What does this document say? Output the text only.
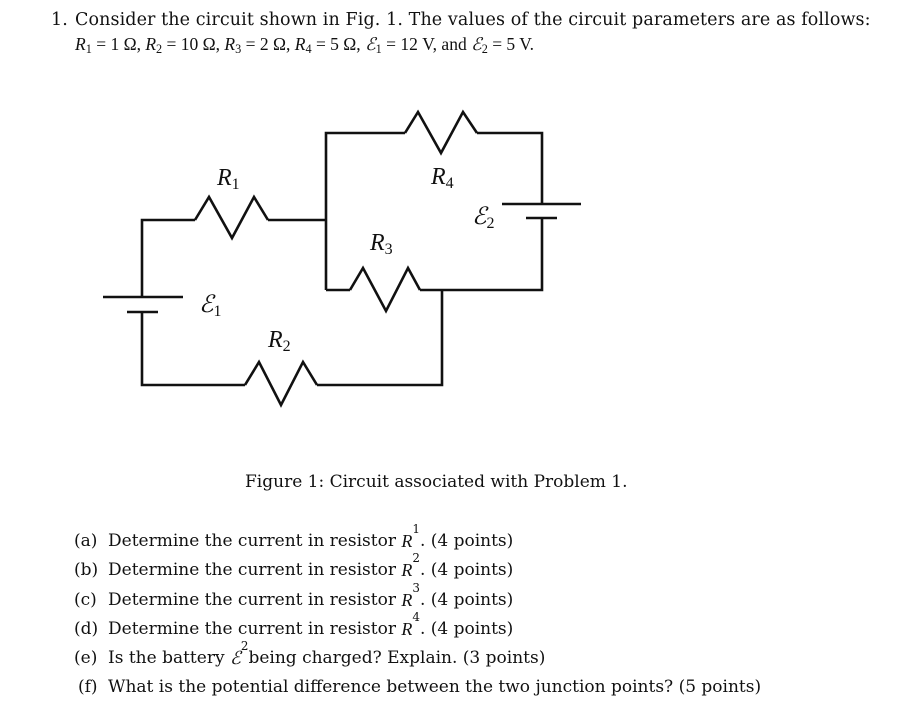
1. Consider the circuit shown in Fig. 1. The values of the circuit parameters are as follows:
$R_1 = 1$ Ω, $R_2 = 10$ Ω, $R_3 = 2$ Ω, $R_4 = 5$ Ω, ℰ$_1$ = 12 V, and ℰ$_2$ = 5 V.
R1	R4
ℰ2
R3
ℰ1
R2
Figure 1: Circuit associated with Problem 1.
(a) Determine the current in resistor
R
1
. (4 points)
(b) Determine the current in resistor
R
2
. (4 points)
(c) Determine the current in resistor
R
3
. (4 points)
(d) Determine the current in resistor
R
4
. (4 points)
(e) Is the battery
ℰ
2
being charged? Explain. (3 points)
(f) What is the potential difference between the two junction points? (5 points)
